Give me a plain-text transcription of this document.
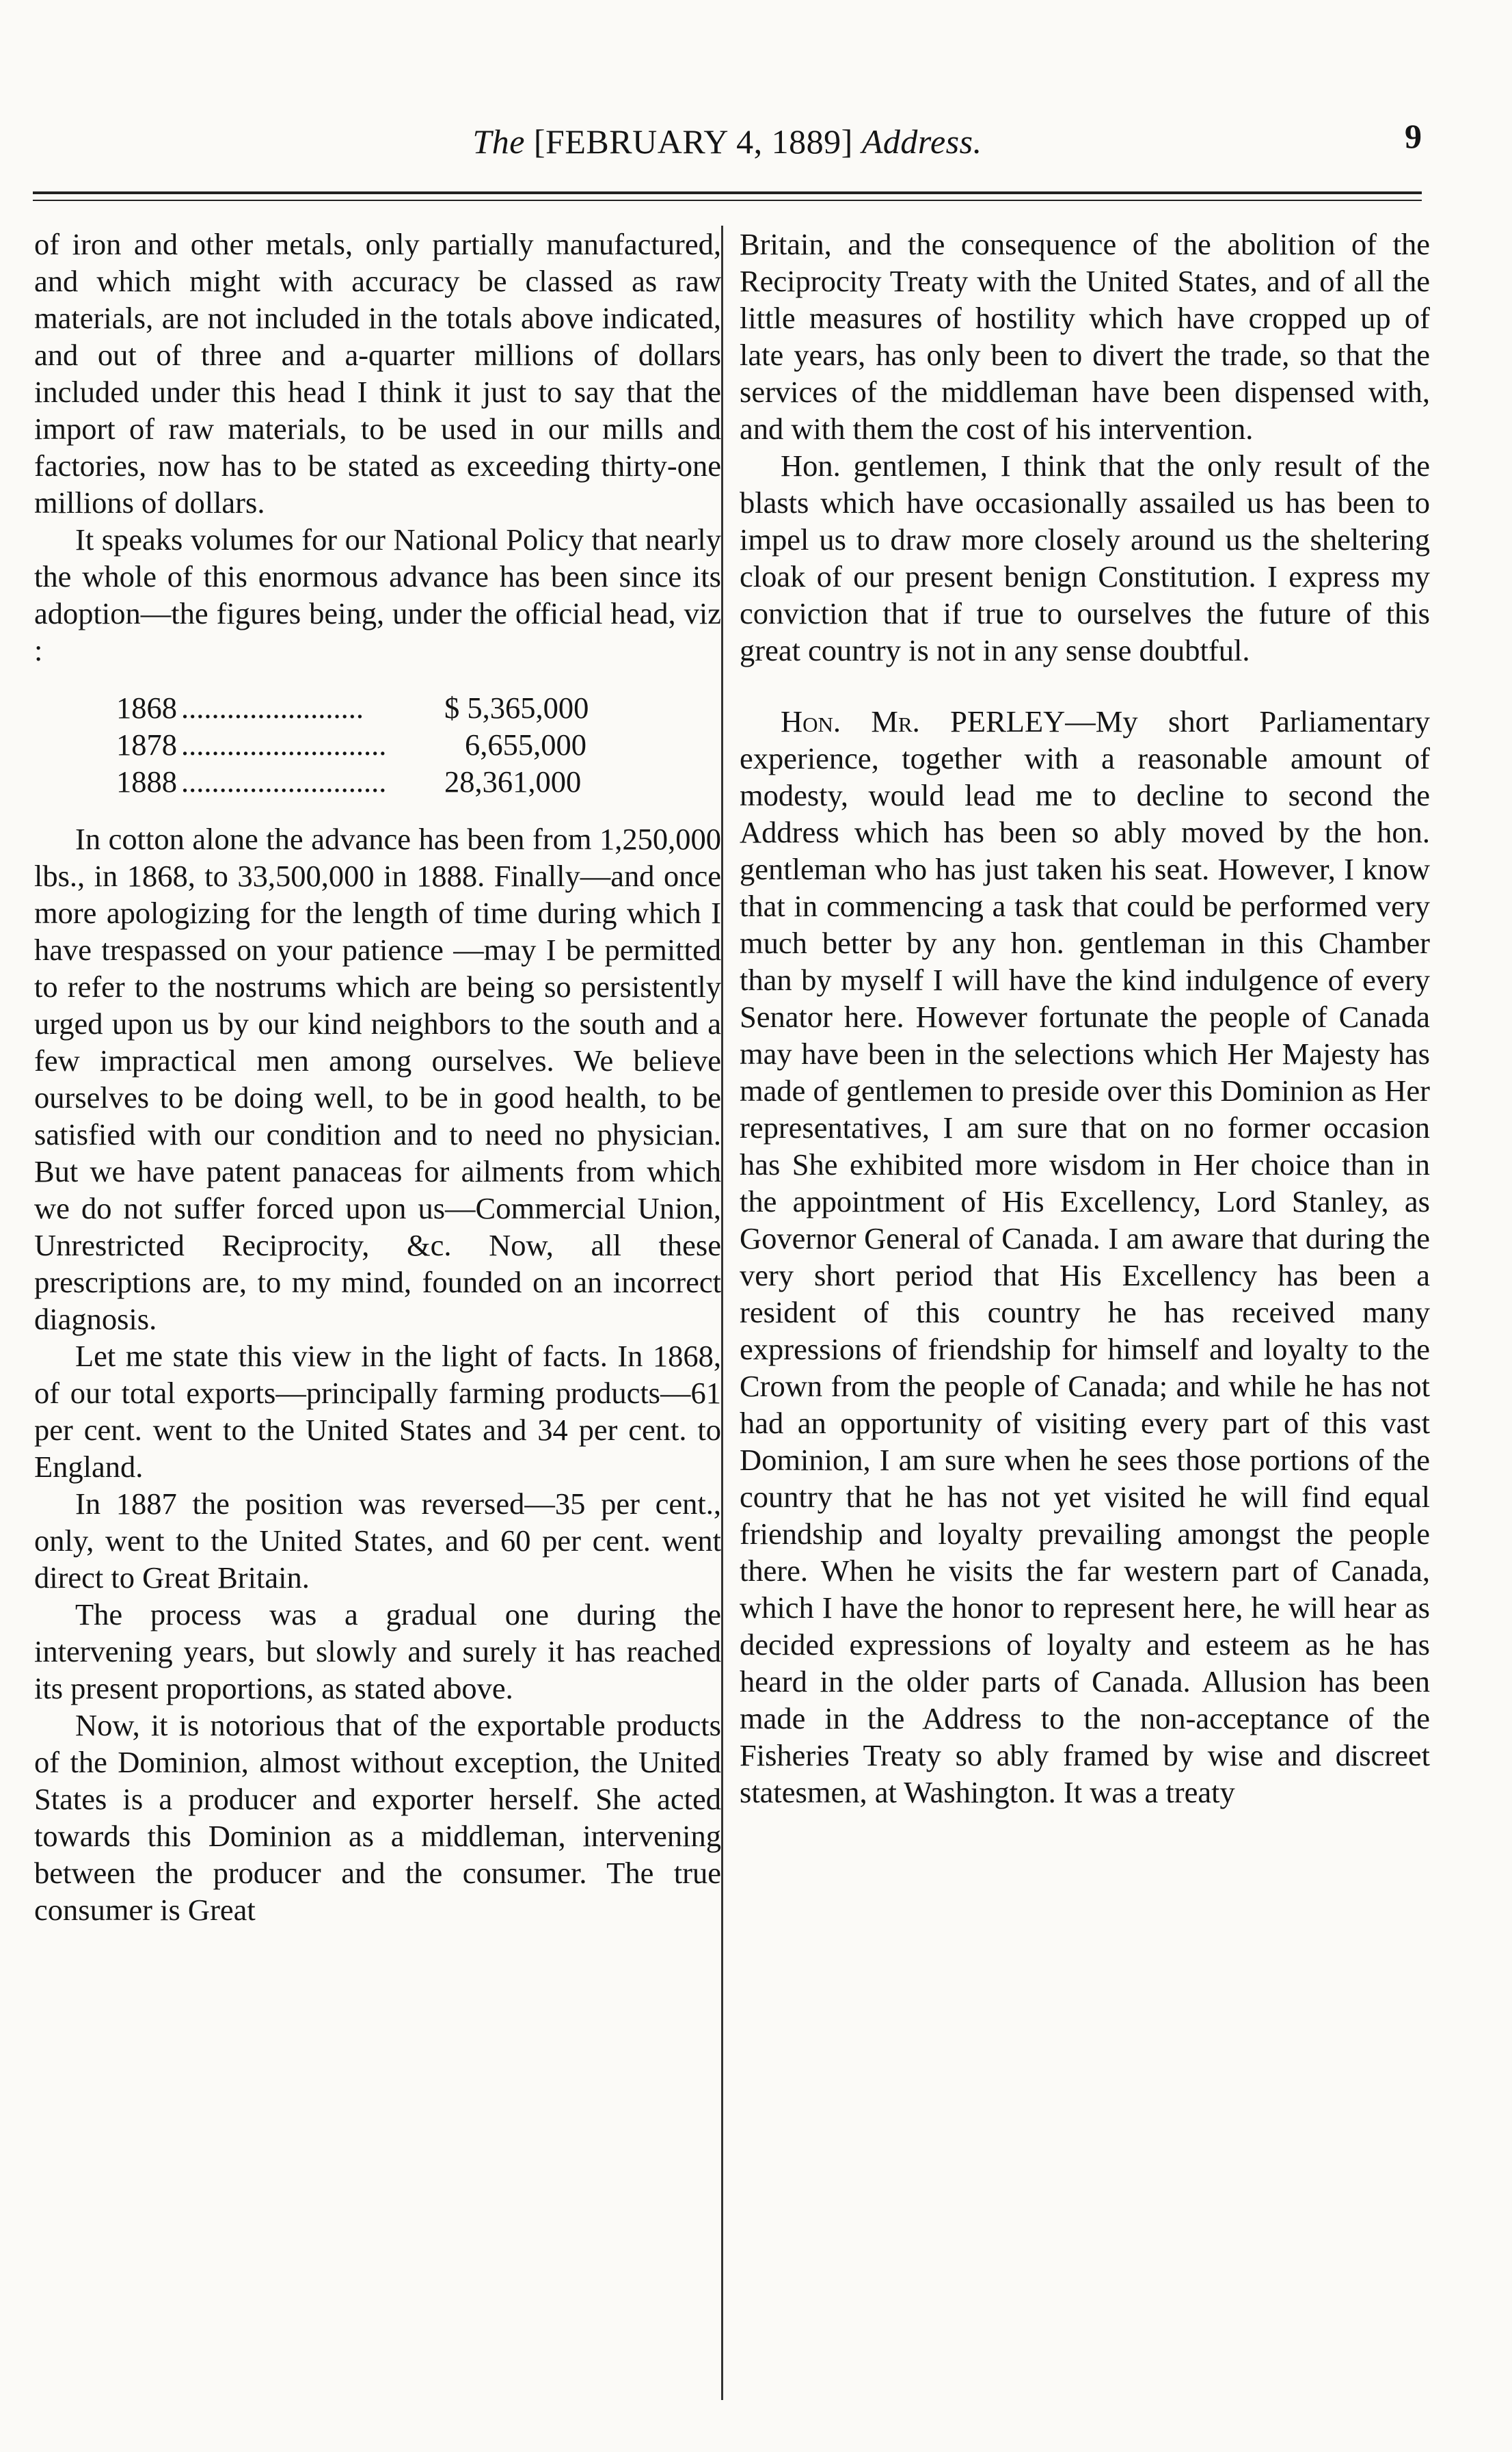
The [FEBRUARY 4, 1889] Address.	9

of iron and other metals, only partially manufactured, and which might with accuracy be classed as raw materials, are not included in the totals above indicated, and out of three and a-quarter millions of dollars included under this head I think it just to say that the import of raw materials, to be used in our mills and factories, now has to be stated as exceeding thirty-one millions of dollars.

It speaks volumes for our National Policy that nearly the whole of this enormous advance has been since its adoption—the figures being, under the official head, viz :

1868 ........................	$ 5,365,000
1878 ...........................	6,655,000
1888 ...........................	28,361,000

In cotton alone the advance has been from 1,250,000 lbs., in 1868, to 33,500,000 in 1888. Finally—and once more apologizing for the length of time during which I have trespassed on your patience —may I be permitted to refer to the nostrums which are being so persistently urged upon us by our kind neighbors to the south and a few impractical men among ourselves. We believe ourselves to be doing well, to be in good health, to be satisfied with our condition and to need no physician. But we have patent panaceas for ailments from which we do not suffer forced upon us—Commercial Union, Unrestricted Reciprocity, &c. Now, all these prescriptions are, to my mind, founded on an incorrect diagnosis.

Let me state this view in the light of facts. In 1868, of our total exports—principally farming products—61 per cent. went to the United States and 34 per cent. to England.

In 1887 the position was reversed—35 per cent., only, went to the United States, and 60 per cent. went direct to Great Britain.

The process was a gradual one during the intervening years, but slowly and surely it has reached its present proportions, as stated above.

Now, it is notorious that of the exportable products of the Dominion, almost without exception, the United States is a producer and exporter herself. She acted towards this Dominion as a middleman, intervening between the producer and the consumer. The true consumer is Great

Britain, and the consequence of the abolition of the Reciprocity Treaty with the United States, and of all the little measures of hostility which have cropped up of late years, has only been to divert the trade, so that the services of the middleman have been dispensed with, and with them the cost of his intervention.

Hon. gentlemen, I think that the only result of the blasts which have occasionally assailed us has been to impel us to draw more closely around us the sheltering cloak of our present benign Constitution. I express my conviction that if true to ourselves the future of this great country is not in any sense doubtful.

Hon. Mr. PERLEY—My short Parliamentary experience, together with a reasonable amount of modesty, would lead me to decline to second the Address which has been so ably moved by the hon. gentleman who has just taken his seat. However, I know that in commencing a task that could be performed very much better by any hon. gentleman in this Chamber than by myself I will have the kind indulgence of every Senator here. However fortunate the people of Canada may have been in the selections which Her Majesty has made of gentlemen to preside over this Dominion as Her representatives, I am sure that on no former occasion has She exhibited more wisdom in Her choice than in the appointment of His Excellency, Lord Stanley, as Governor General of Canada. I am aware that during the very short period that His Excellency has been a resident of this country he has received many expressions of friendship for himself and loyalty to the Crown from the people of Canada; and while he has not had an opportunity of visiting every part of this vast Dominion, I am sure when he sees those portions of the country that he has not yet visited he will find equal friendship and loyalty prevailing amongst the people there. When he visits the far western part of Canada, which I have the honor to represent here, he will hear as decided expressions of loyalty and esteem as he has heard in the older parts of Canada. Allusion has been made in the Address to the non-acceptance of the Fisheries Treaty so ably framed by wise and discreet statesmen, at Washington. It was a treaty
